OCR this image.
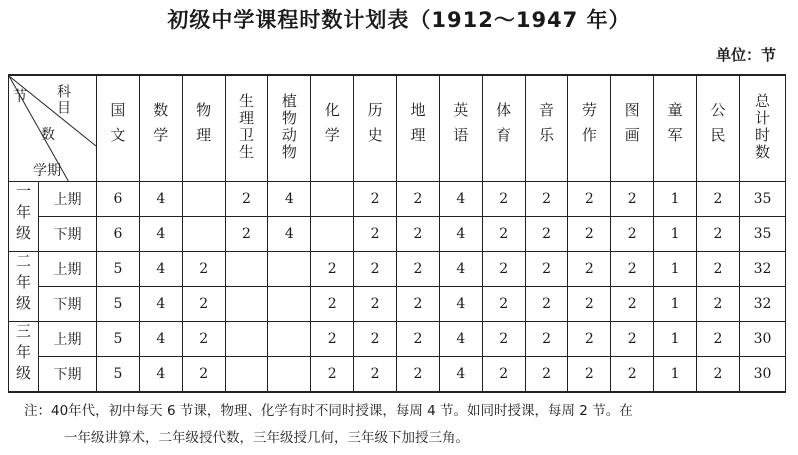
初级中学课程时数计划表（1912～1947 年）
单位：节
节 科目
数
学期		国文	数学	物理	生理卫生	植物动物	化学	历史	地理	英语	体育	音乐	劳作	图画	童军	公民	总计时数
一年级	上期	6	4		2	4		2	2	4	2	2	2	2	1	2	35
	下期	6	4		2	4		2	2	4	2	2	2	2	1	2	35
二年级	上期	5	4	2			2	2	2	4	2	2	2	2	1	2	32
	下期	5	4	2			2	2	2	4	2	2	2	2	1	2	32
三年级	上期	5	4	2			2	2	2	4	2	2	2	2	1	2	30
	下期	5	4	2			2	2	2	4	2	2	2	2	1	2	30
注：40年代，初中每天 6 节课，物理、化学有时不同时授课，每周 4 节。如同时授课，每周 2 节。在
一年级讲算术，二年级授代数，三年级授几何，三年级下加授三角。
